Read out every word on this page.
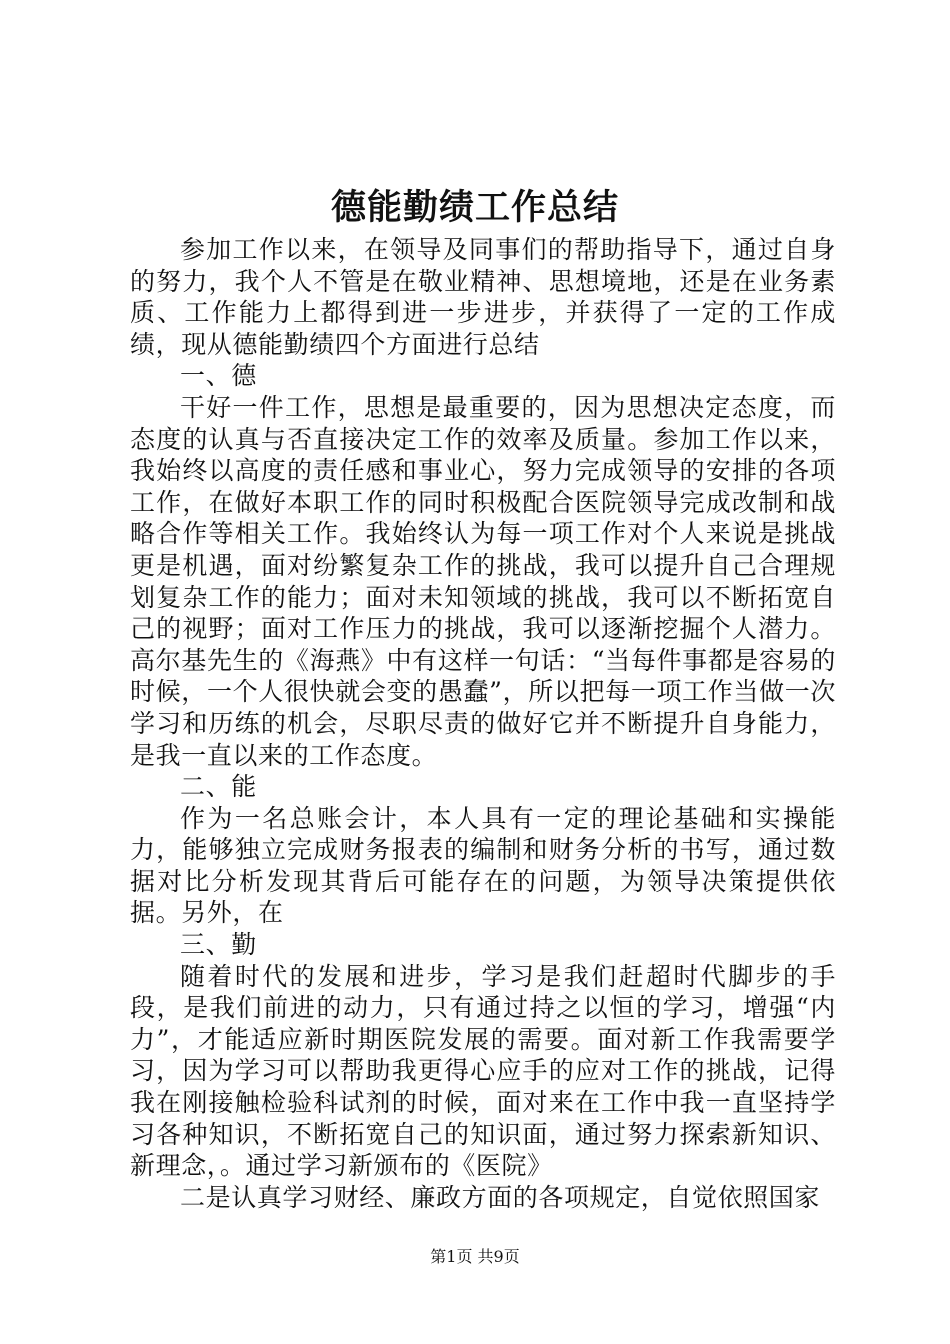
德能勤绩工作总结

参加工作以来，在领导及同事们的帮助指导下，通过自身的努力，我个人不管是在敬业精神、思想境地，还是在业务素质、工作能力上都得到进一步进步，并获得了一定的工作成绩，现从德能勤绩四个方面进行总结

一、德

干好一件工作，思想是最重要的，因为思想决定态度，而态度的认真与否直接决定工作的效率及质量。参加工作以来，我始终以高度的责任感和事业心，努力完成领导的安排的各项工作，在做好本职工作的同时积极配合医院领导完成改制和战略合作等相关工作。我始终认为每一项工作对个人来说是挑战更是机遇，面对纷繁复杂工作的挑战，我可以提升自己合理规划复杂工作的能力；面对未知领域的挑战，我可以不断拓宽自己的视野；面对工作压力的挑战，我可以逐渐挖掘个人潜力。高尔基先生的《海燕》中有这样一句话：“当每件事都是容易的时候，一个人很快就会变的愚蠢”，所以把每一项工作当做一次学习和历练的机会，尽职尽责的做好它并不断提升自身能力，是我一直以来的工作态度。

二、能

作为一名总账会计，本人具有一定的理论基础和实操能力，能够独立完成财务报表的编制和财务分析的书写，通过数据对比分析发现其背后可能存在的问题，为领导决策提供依据。另外，在

三、勤

随着时代的发展和进步，学习是我们赶超时代脚步的手段，是我们前进的动力，只有通过持之以恒的学习，增强“内力”，才能适应新时期医院发展的需要。面对新工作我需要学习，因为学习可以帮助我更得心应手的应对工作的挑战，记得我在刚接触检验科试剂的时候，面对来在工作中我一直坚持学习各种知识，不断拓宽自己的知识面，通过努力探索新知识、新理念，。通过学习新颁布的《医院》

二是认真学习财经、廉政方面的各项规定，自觉依照国家

第1页 共9页
